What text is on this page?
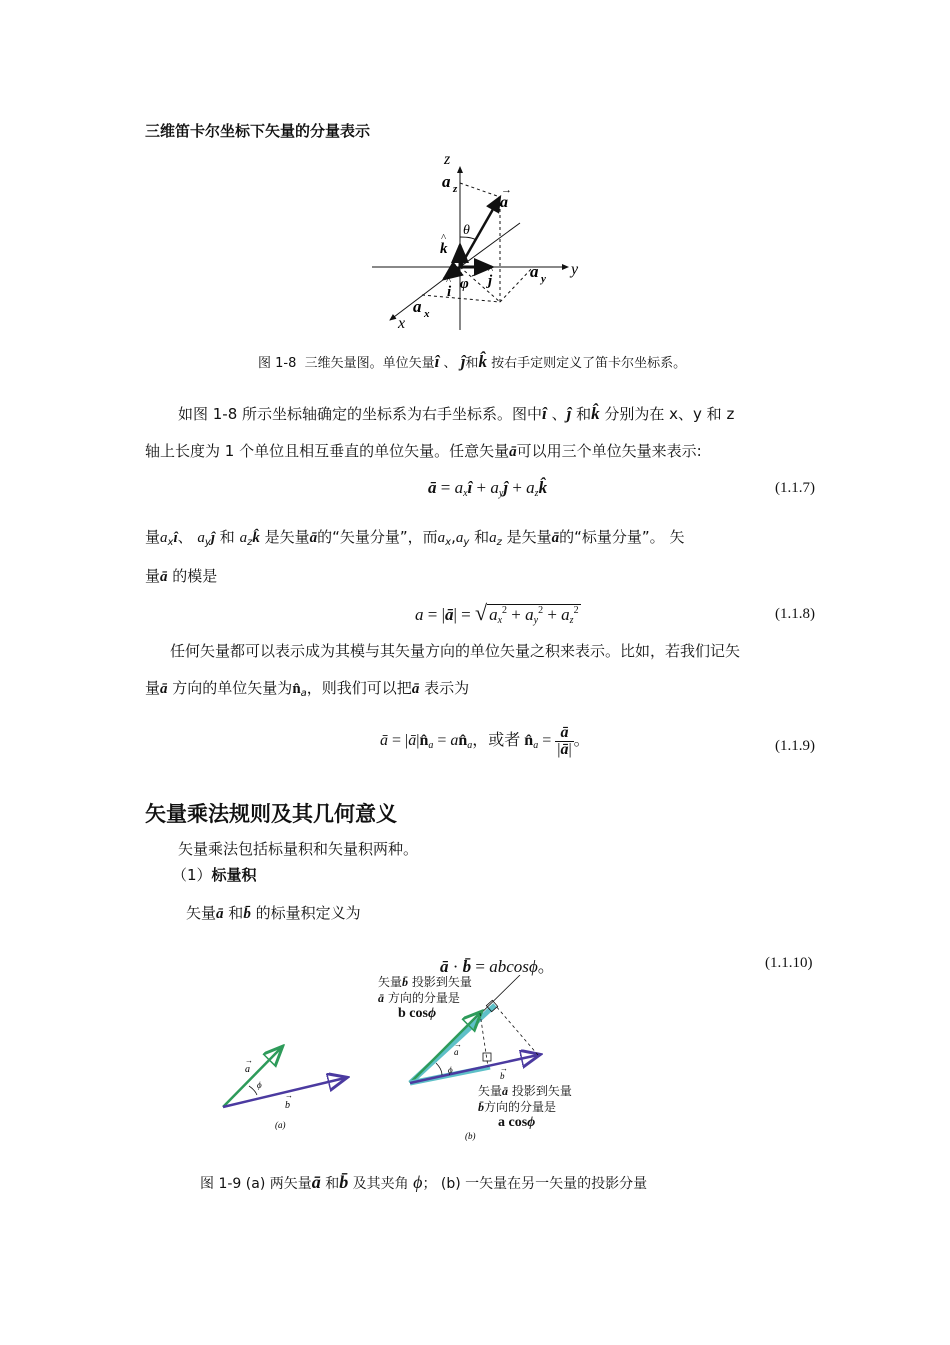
三维笛卡尔坐标下矢量的分量表示
z
y
x
a z
a y
a x
a
→
k
^
i
^ j
^
θ
φ
图 1-8 三维矢量图。单位矢量î 、 ĵ和k̂ 按右手定则定义了笛卡尔坐标系。
如图 1-8 所示坐标轴确定的坐标系为右手坐标系。图中î 、ĵ 和k̂ 分别为在 x、y 和 z
轴上长度为 1 个单位且相互垂直的单位矢量。任意矢量ā可以用三个单位矢量来表示:
ā = $a_xî$ + $a_yĵ$ + $a_zk̂$	(1.1.7)
量$a_xî$、 $a_yĵ$ 和 $a_zk̂$ 是矢量ā的“矢量分量”，而$a_x,a_y$ 和$a_z$ 是矢量ā的“标量分量”。 矢
量ā 的模是
a = |ā| = √ $a_x^2 + a_y^2 + a_z^2$	(1.1.8)
任何矢量都可以表示成为其模与其矢量方向的单位矢量之积来表示。比如，若我们记矢
量ā 方向的单位矢量为$n̂_a$，则我们可以把ā 表示为
ā = $|ā|n̂_a$ = $an̂_a$，或者 $n̂_a = \frac{ā}{|ā|}$ 。	(1.1.9)
矢量乘法规则及其几何意义
矢量乘法包括标量积和矢量积两种。
（1）标量积
矢量ā 和b̄ 的标量积定义为
ā · b̄ = abcosϕ。	(1.1.10)
a
→
ϕ
b
→
(a)
ϕ
a
→
b
→
(b)
矢量b̄ 投影到矢量
ā 方向的分量是
b cosϕ
矢量ā 投影到矢量
b̄方向的分量是
a cosϕ
图 1-9 (a) 两矢量ā 和b̄ 及其夹角 ϕ； (b) 一矢量在另一矢量的投影分量
